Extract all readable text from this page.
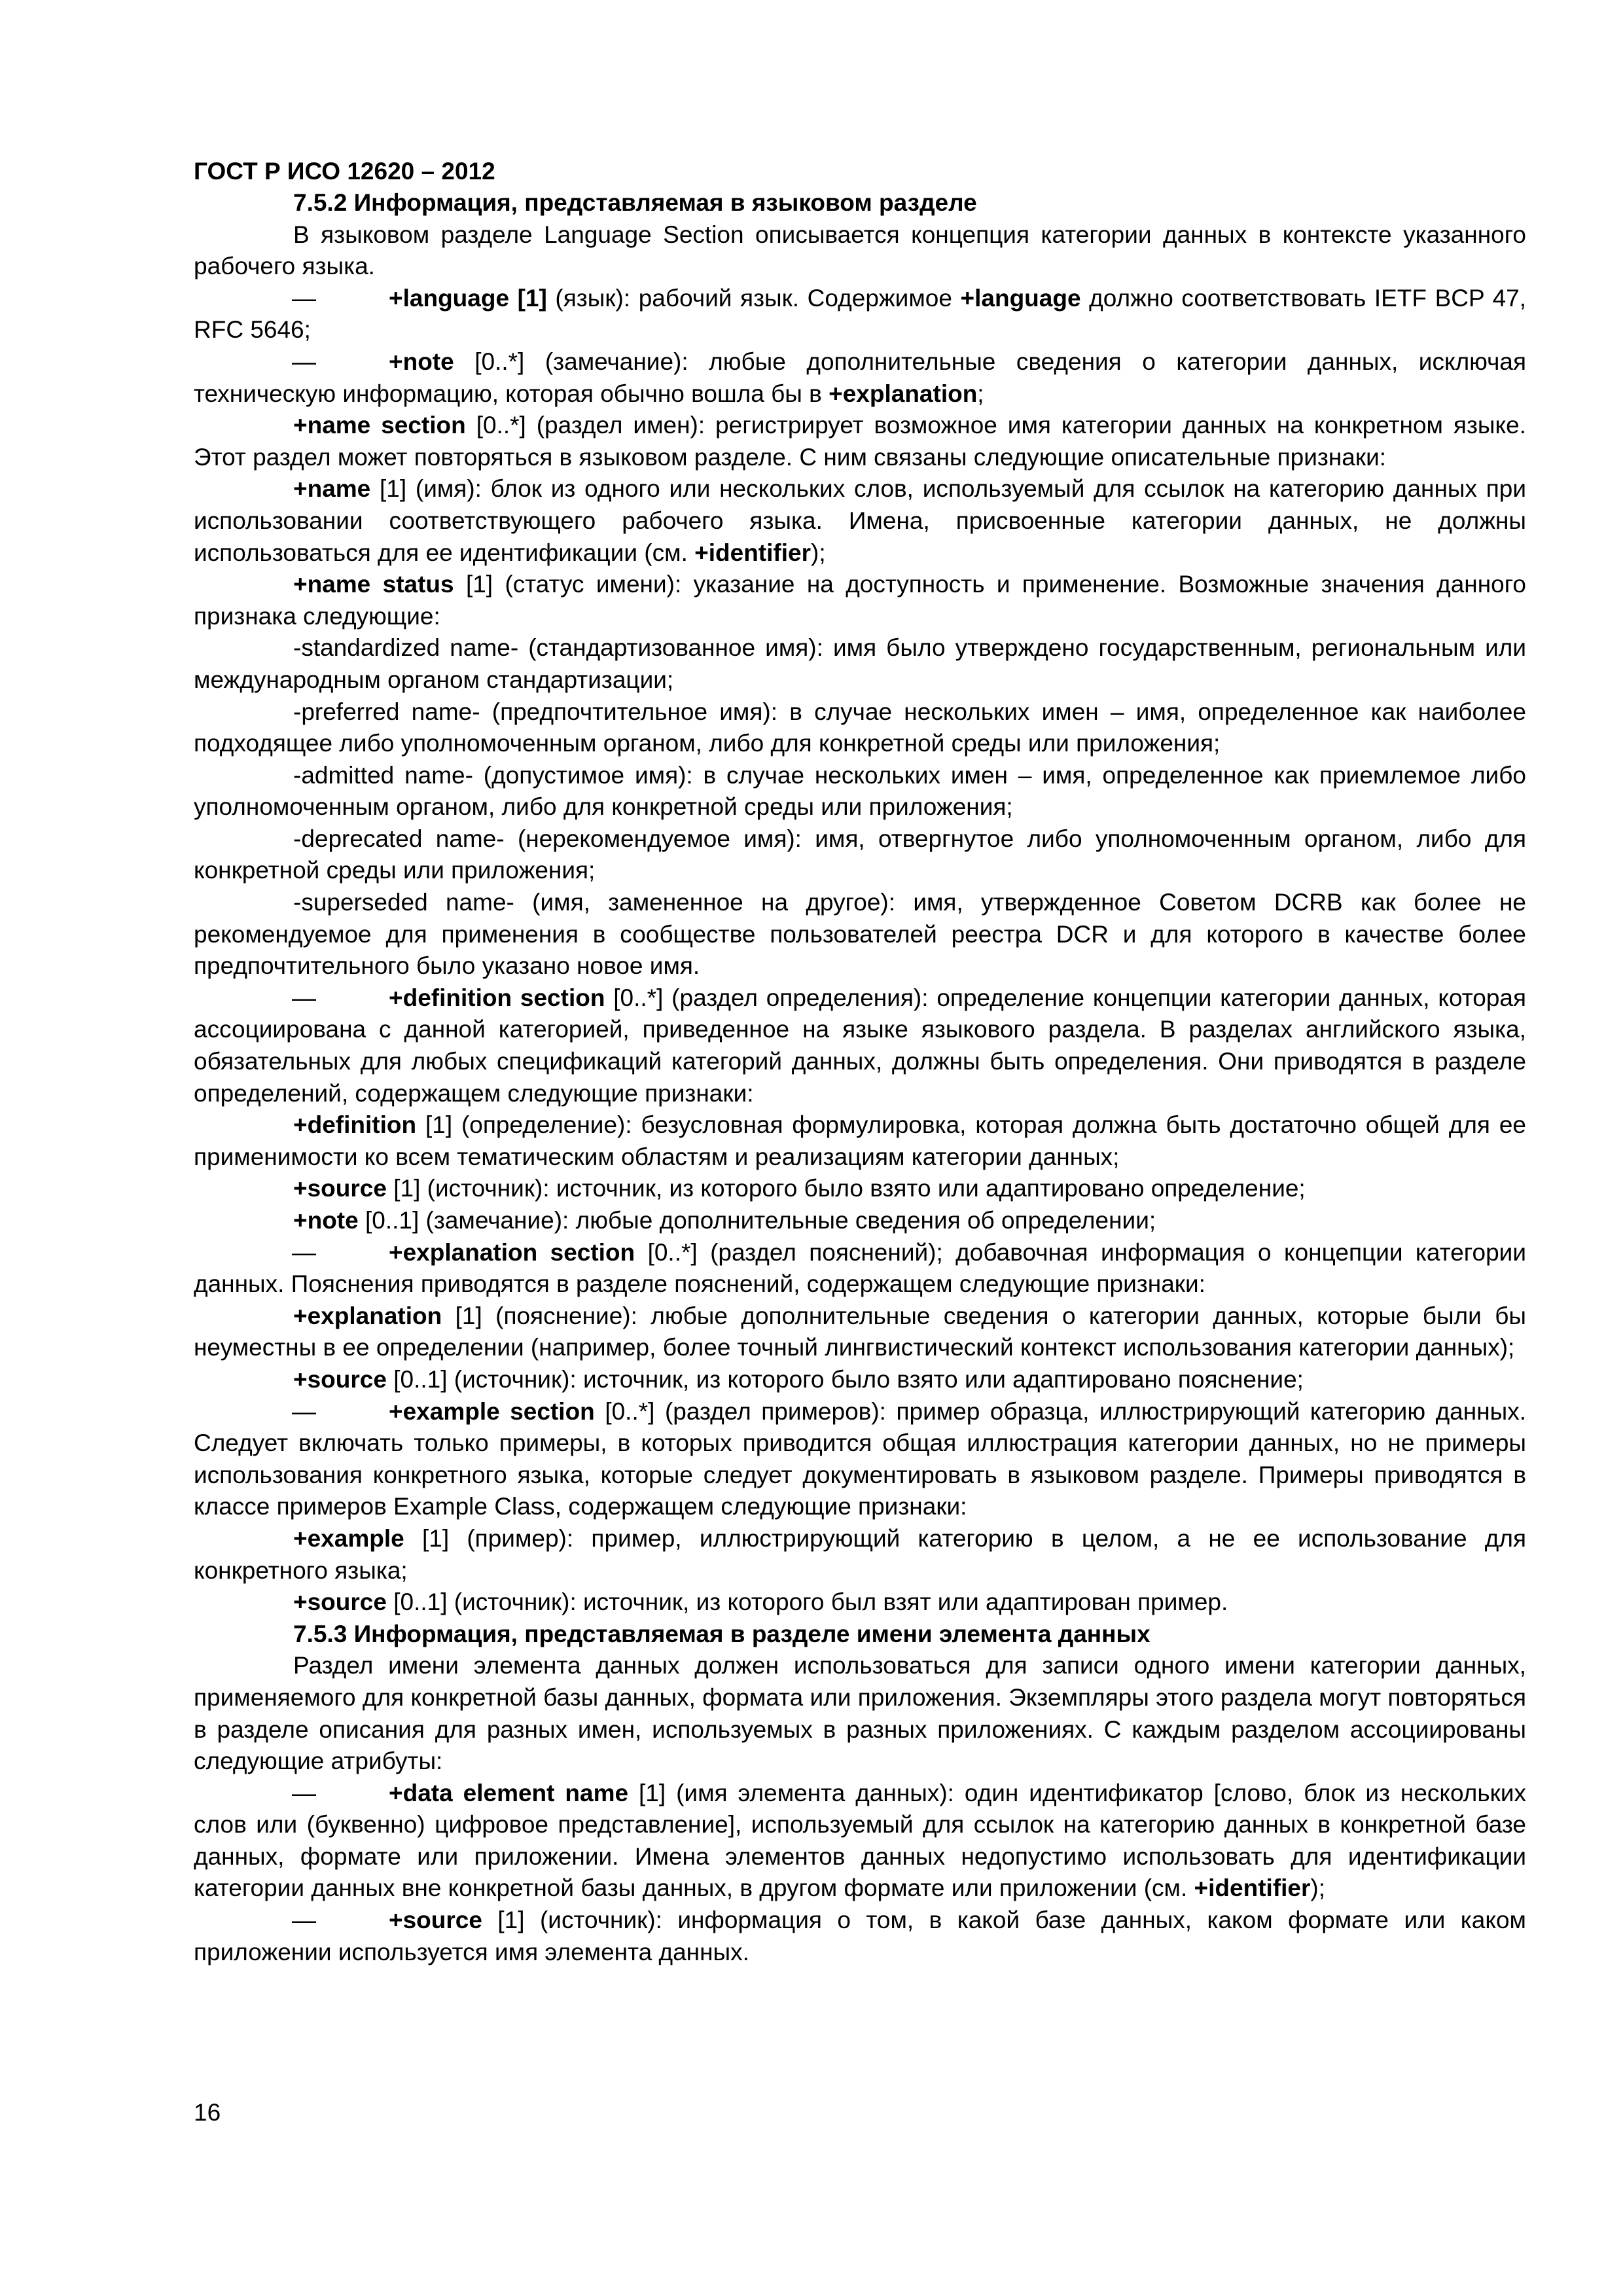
ГОСТ Р ИСО 12620 – 2012

7.5.2 Информация, представляемая в языковом разделе

В языковом разделе Language Section описывается концепция категории данных в контексте указанного рабочего языка.

—	+language [1] (язык): рабочий язык. Содержимое +language должно соответствовать IETF BCP 47, RFC 5646;

—	+note [0..*] (замечание): любые дополнительные сведения о категории данных, исключая техническую информацию, которая обычно вошла бы в +explanation;

+name section [0..*] (раздел имен): регистрирует возможное имя категории данных на конкретном языке. Этот раздел может повторяться в языковом разделе. С ним связаны следующие описательные признаки:

+name [1] (имя): блок из одного или нескольких слов, используемый для ссылок на категорию данных при использовании соответствующего рабочего языка. Имена, присвоенные категории данных, не должны использоваться для ее идентификации (см. +identifier);

+name status [1] (статус имени): указание на доступность и применение. Возможные значения данного признака следующие:

-standardized name- (стандартизованное имя): имя было утверждено государственным, региональным или международным органом стандартизации;

-preferred name- (предпочтительное имя): в случае нескольких имен – имя, определенное как наиболее подходящее либо уполномоченным органом, либо для конкретной среды или приложения;

-admitted name- (допустимое имя): в случае нескольких имен – имя, определенное как приемлемое либо уполномоченным органом, либо для конкретной среды или приложения;

-deprecated name- (нерекомендуемое имя): имя, отвергнутое либо уполномоченным органом, либо для конкретной среды или приложения;

-superseded name- (имя, замененное на другое): имя, утвержденное Советом DCRB как более не рекомендуемое для применения в сообществе пользователей реестра DCR и для которого в качестве более предпочтительного было указано новое имя.

—	+definition section [0..*] (раздел определения): определение концепции категории данных, которая ассоциирована с данной категорией, приведенное на языке языкового раздела. В разделах английского языка, обязательных для любых спецификаций категорий данных, должны быть определения. Они приводятся в разделе определений, содержащем следующие признаки:

+definition [1] (определение): безусловная формулировка, которая должна быть достаточно общей для ее применимости ко всем тематическим областям и реализациям категории данных;

+source [1] (источник): источник, из которого было взято или адаптировано определение;

+note [0..1] (замечание): любые дополнительные сведения об определении;

—	+explanation section [0..*] (раздел пояснений); добавочная информация о концепции категории данных. Пояснения приводятся в разделе пояснений, содержащем следующие признаки:

+explanation [1] (пояснение): любые дополнительные сведения о категории данных, которые были бы неуместны в ее определении (например, более точный лингвистический контекст использования категории данных);

+source [0..1] (источник): источник, из которого было взято или адаптировано пояснение;

—	+example section [0..*] (раздел примеров): пример образца, иллюстрирующий категорию данных. Следует включать только примеры, в которых приводится общая иллюстрация категории данных, но не примеры использования конкретного языка, которые следует документировать в языковом разделе. Примеры приводятся в классе примеров Example Class, содержащем следующие признаки:

+example [1] (пример): пример, иллюстрирующий категорию в целом, а не ее использование для конкретного языка;

+source [0..1] (источник): источник, из которого был взят или адаптирован пример.

7.5.3 Информация, представляемая в разделе имени элемента данных

Раздел имени элемента данных должен использоваться для записи одного имени категории данных, применяемого для конкретной базы данных, формата или приложения. Экземпляры этого раздела могут повторяться в разделе описания для разных имен, используемых в разных приложениях. С каждым разделом ассоциированы следующие атрибуты:

—	+data element name [1] (имя элемента данных): один идентификатор [слово, блок из нескольких слов или (буквенно) цифровое представление], используемый для ссылок на категорию данных в конкретной базе данных, формате или приложении. Имена элементов данных недопустимо использовать для идентификации категории данных вне конкретной базы данных, в другом формате или приложении (см. +identifier);

—	+source [1] (источник): информация о том, в какой базе данных, каком формате или каком приложении используется имя элемента данных.

16
